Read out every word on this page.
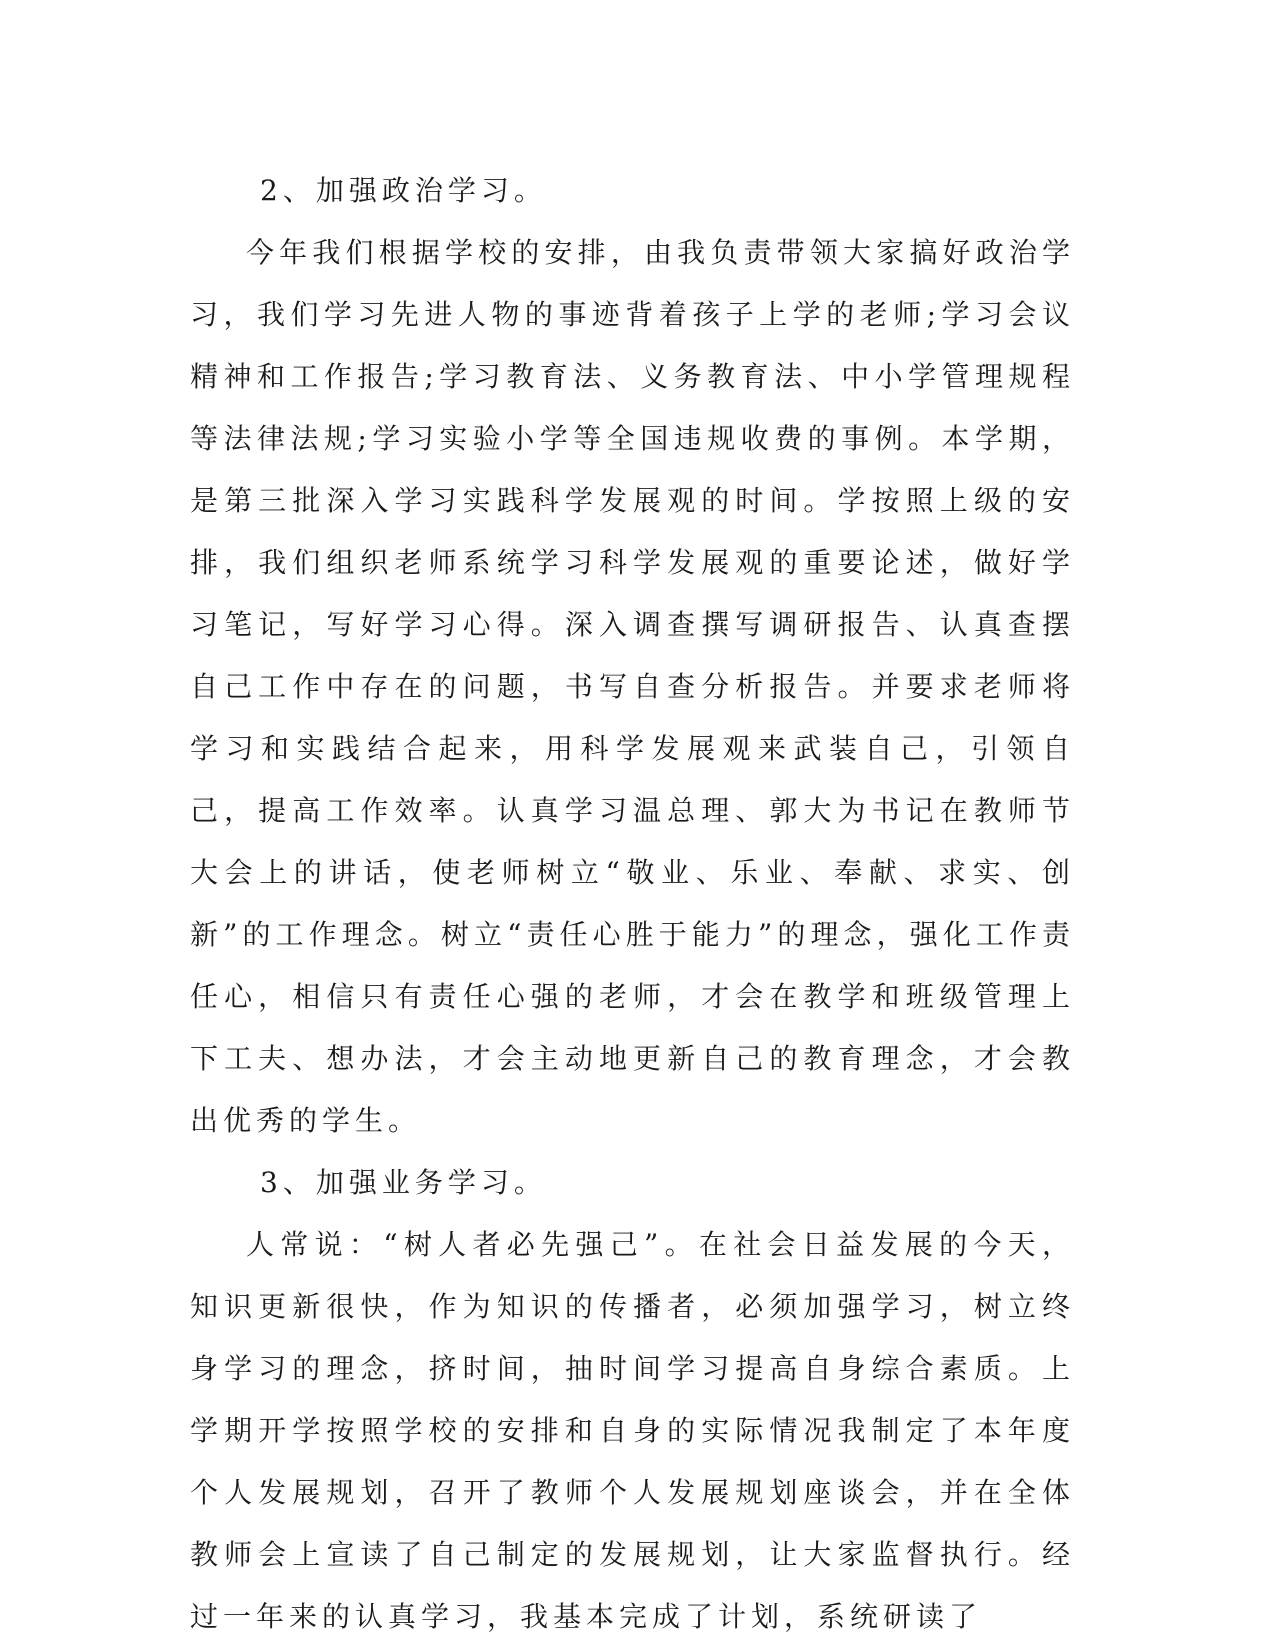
2、加强政治学习。

今年我们根据学校的安排，由我负责带领大家搞好政治学习，我们学习先进人物的事迹背着孩子上学的老师;学习会议精神和工作报告;学习教育法、义务教育法、中小学管理规程等法律法规;学习实验小学等全国违规收费的事例。本学期，是第三批深入学习实践科学发展观的时间。学按照上级的安排，我们组织老师系统学习科学发展观的重要论述，做好学习笔记，写好学习心得。深入调查撰写调研报告、认真查摆自己工作中存在的问题，书写自查分析报告。并要求老师将学习和实践结合起来，用科学发展观来武装自己，引领自己，提高工作效率。认真学习温总理、郭大为书记在教师节大会上的讲话，使老师树立“敬业、乐业、奉献、求实、创新”的工作理念。树立“责任心胜于能力”的理念，强化工作责任心，相信只有责任心强的老师，才会在教学和班级管理上下工夫、想办法，才会主动地更新自己的教育理念，才会教出优秀的学生。

3、加强业务学习。

人常说：“树人者必先强己”。在社会日益发展的今天，知识更新很快，作为知识的传播者，必须加强学习，树立终身学习的理念，挤时间，抽时间学习提高自身综合素质。上学期开学按照学校的安排和自身的实际情况我制定了本年度个人发展规划，召开了教师个人发展规划座谈会，并在全体教师会上宣读了自己制定的发展规划，让大家监督执行。经过一年来的认真学习，我基本完成了计划，系统研读了
